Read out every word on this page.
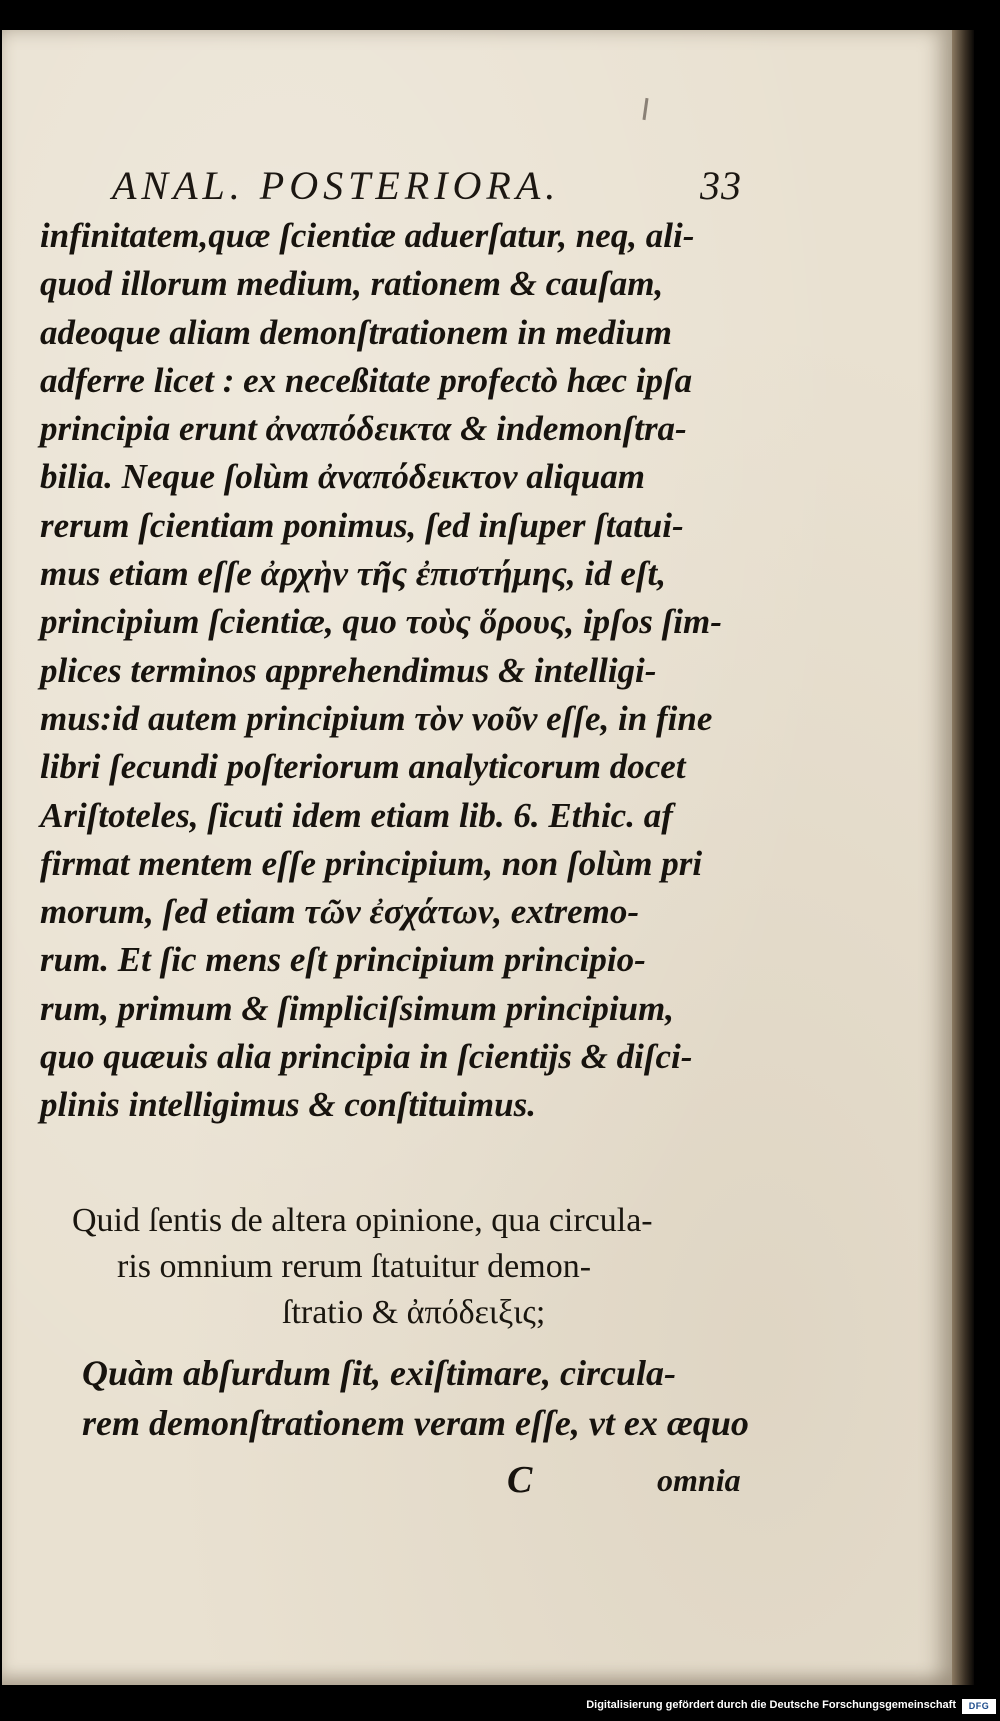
ANAL. POSTERIORA.	33
infinitatem,quæ ſcientiæ aduerſatur, neq, ali-
quod illorum medium, rationem & cauſam,
adeoque aliam demonſtrationem in medium
adferre licet : ex neceßitate profectò hæc ipſa
principia erunt ἀναπόδεικτα & indemonſtra-
bilia. Neque ſolùm ἀναπόδεικτον aliquam
rerum ſcientiam ponimus, ſed inſuper ſtatui-
mus etiam eſſe ἀρχὴν τῆς ἐπιστήμης, id eſt,
principium ſcientiæ, quo τοὺς ὅρους, ipſos ſim-
plices terminos apprehendimus & intelligi-
mus:id autem principium τὸν νοῦν eſſe, in fine
libri ſecundi poſteriorum analyticorum docet
Ariſtoteles, ſicuti idem etiam lib. 6. Ethic. af
firmat mentem eſſe principium, non ſolùm pri
morum, ſed etiam τῶν ἐσχάτων, extremo-
rum. Et ſic mens eſt principium principio-
rum, primum & ſimpliciſsimum principium,
quo quæuis alia principia in ſcientijs & diſci-
plinis intelligimus & conſtituimus.
Quid ſentis de altera opinione, qua circula-
ris omnium rerum ſtatuitur demon-
ſtratio & ἀπόδειξις;
Quàm abſurdum ſit, exiſtimare, circula-
rem demonſtrationem veram eſſe, vt ex æquo
C	omnia
Digitalisierung gefördert durch die Deutsche Forschungsgemeinschaft	DFG
